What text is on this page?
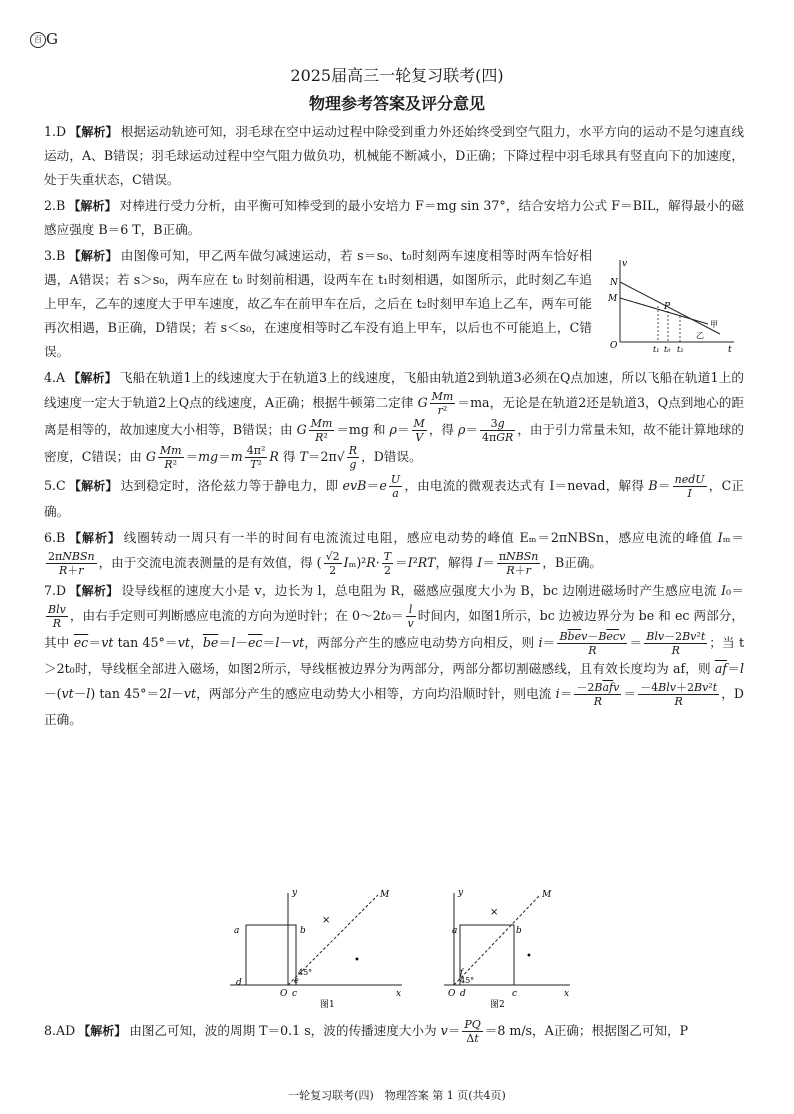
百 G
2025届高三一轮复习联考(四)
物理参考答案及评分意见

1.D 【解析】 根据运动轨迹可知，羽毛球在空中运动过程中除受到重力外还始终受到空气阻力，水平方向的运动不是匀速直线运动，A、B错误；羽毛球运动过程中空气阻力做负功，机械能不断减小，D正确；下降过程中羽毛球具有竖直向下的加速度，处于失重状态，C错误。

2.B 【解析】 对棒进行受力分析，由平衡可知棒受到的最小安培力 F＝mg sin 37°，结合安培力公式 F＝BIL，解得最小的磁感应强度 B＝6 T，B正确。

3.B 【解析】 由图像可知，甲乙两车做匀减速运动，若 s＝s₀、t₀时刻两车速度相等时两车恰好相遇，A错误；若 s＞s₀，两车应在 t₀ 时刻前相遇，设两车在 t₁时刻相遇，如图所示，此时刻乙车追上甲车，乙车的速度大于甲车速度，故乙车在前甲车在后，之后在 t₂时刻甲车追上乙车，两车可能再次相遇，B正确，D错误；若 s＜s₀，在速度相等时乙车没有追上甲车，以后也不可能追上，C错误。

4.A 【解析】 飞船在轨道1上的线速度大于在轨道3上的线速度，飞船由轨道2到轨道3必须在Q点加速，所以飞船在轨道1上的线速度一定大于轨道2上Q点的线速度，A正确；根据牛顿第二定律 G $\frac{Mm}{\text{r²}} =ma$，无论是在轨道2还是轨道3，Q点到地心的距离是相等的，故加速度大小相等，B错误；由 G $\frac{Mm}{\text{R²}} =mg$ 和 $\rho= \frac{M}{V}$ ，得 $\rho= \frac{3g}{\text{4πGR}}$ ，由于引力常量未知，故不能计算地球的密度，C错误；由 G $\frac{Mm}{\text{R²}} =mg=m \frac{\text{4π²}}{\text{T²}}$ R 得 $T=2\pi√ \frac{R}{g}$ ，D错误。

5.C 【解析】 达到稳定时，洛伦兹力等于静电力，即 $evB=e \frac{U}{a}$ ，由电流的微观表达式有 I＝nevad，解得 $B= \frac{\text{nedU}}{I}$ ，C正确。

6.B 【解析】 线圈转动一周只有一半的时间有电流流过电阻，感应电动势的峰值 Eₘ＝2πNBSn，感应电流的峰值 Iₘ＝
$\frac{\text{2πNBSn}}{R+r}$ ，由于交流电流表测量的是有效值，得 ( $\frac{√2}{2} I_m)^2R\cdot \frac{T}{2} =I^2RT$，解得 $I= \frac{\text{πNBSn}}{R+r}$ ，B正确。

7.D 【解析】 设导线框的速度大小是 v，边长为 l，总电阻为 R，磁感应强度大小为 B，bc 边刚进磁场时产生感应电流 I₀＝
$\frac{\text{Blv}}{R}$ ，由右手定则可判断感应电流的方向为逆时针；在 0～2t₀＝ $\frac{l}{v}$ 时间内，如图1所示，bc 边被边界分为 be 和 ec 两部分，其中 $\overline{ec}=vt$ tan 45°＝vt，$\overline{be}=l-\overline{ec}=l-vt$，两部分产生的感应电动势方向相反，则 $i= \frac{B\overline{be}v-B\overline{ec}v}{R} = \frac{\text{Blv－2Bv²t}}{R}$ ；当 t＞2t₀时，导线框全部进入磁场，如图2所示，导线框被边界分为两部分，两部分都切割磁感线，且有效长度均为 af，则 $\overline{af}=l-(vt-l)$ tan 45°＝2l－vt，两部分产生的感应电动势大小相等，方向均沿顺时针，则电流 $i= \frac{-2B\overline{af}v}{R} = \frac{\text{－4Blv＋2Bv²t}}{R}$ ，D正确。

v
N
M
P
O	t
甲
乙
t₁ t₀ t₂
a	b
d	e
c
O
45°
y
x
M
×
•
图1
a	b
f
O d	c
45°
y
x
M
×
•
图2

8.AD 【解析】 由图乙可知，波的周期 T＝0.1 s，波的传播速度大小为 $v= \frac{PQ}{\Delta t} =8$ m/s，A正确；根据图乙可知，P

一轮复习联考(四)　物理答案 第 1 页(共4页)
